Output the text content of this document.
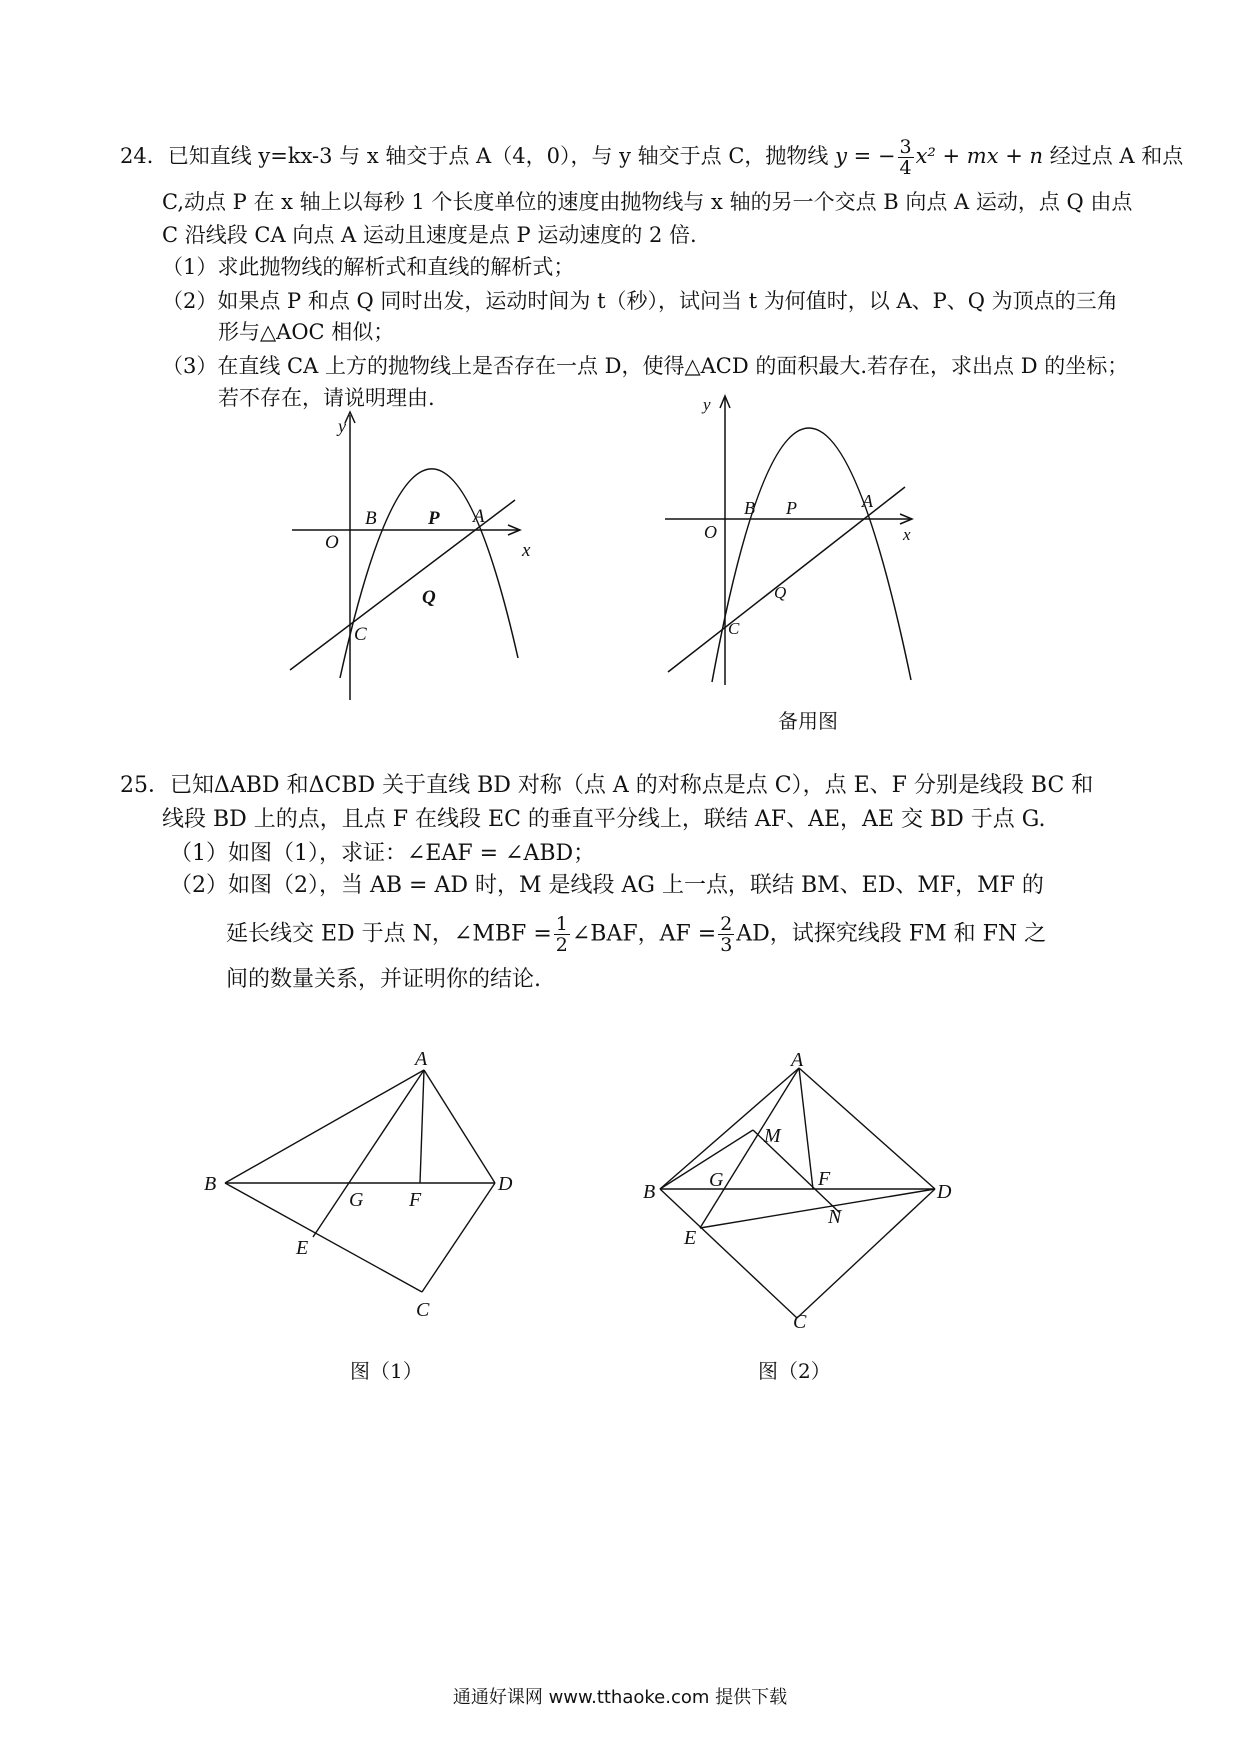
24．已知直线 y=kx-3 与 x 轴交于点 A（4，0），与 y 轴交于点 C，抛物线 y = − $\frac{3}{4} x^2$ + mx + n 经过点 A 和点
C,动点 P 在 x 轴上以每秒 1 个长度单位的速度由抛物线与 x 轴的另一个交点 B 向点 A 运动，点 Q 由点
C 沿线段 CA 向点 A 运动且速度是点 P 运动速度的 2 倍.
（1）求此抛物线的解析式和直线的解析式；
（2）如果点 P 和点 Q 同时出发，运动时间为 t（秒），试问当 t 为何值时，以 A、P、Q 为顶点的三角
形与△AOC 相似；
（3）在直线 CA 上方的抛物线上是否存在一点 D，使得△ACD 的面积最大.若存在，求出点 D 的坐标；
若不存在，请说明理由.
y
x
O
B	P A
Q
C
y
x
O
B P	A
Q
C
备用图
25．已知ΔABD 和ΔCBD 关于直线 BD 对称（点 A 的对称点是点 C），点 E、F 分别是线段 BC 和
线段 BD 上的点，且点 F 在线段 EC 的垂直平分线上，联结 AF、AE，AE 交 BD 于点 G.
（1）如图（1），求证：∠EAF = ∠ABD；
（2）如图（2），当 AB = AD 时，M 是线段 AG 上一点，联结 BM、ED、MF，MF 的
延长线交 ED 于点 N，∠MBF = $\frac{1}{2}$ ∠BAF，AF = $\frac{2}{3}$ AD，试探究线段 FM 和 FN 之
间的数量关系，并证明你的结论.
A
B
G F
D
E
C
图（1）
A
M
B
G	F
D
N
E
C
图（2）
通通好课网 www.tthaoke.com 提供下载
